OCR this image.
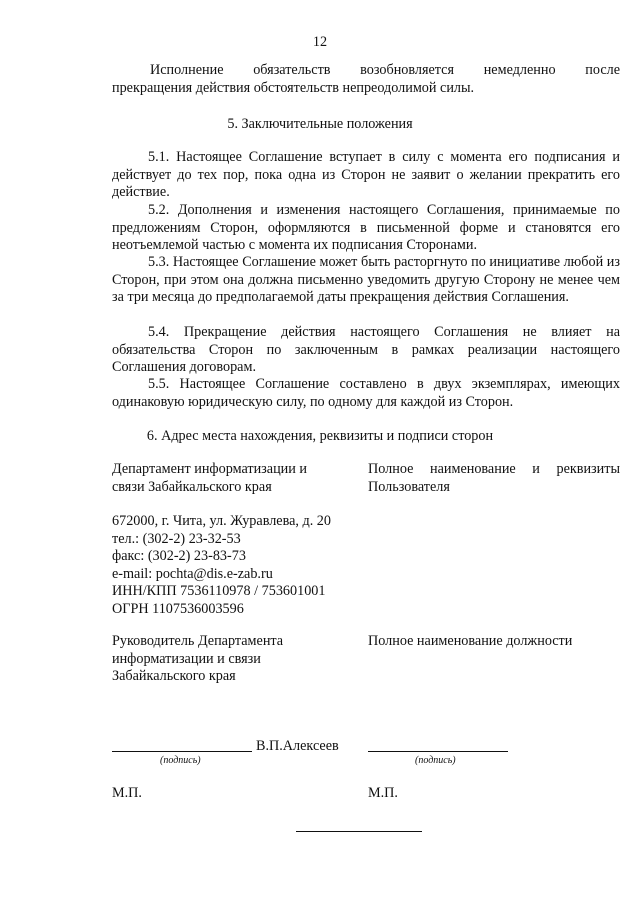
12
Исполнение обязательств возобновляется немедленно после
прекращения действия обстоятельств непреодолимой силы.
5. Заключительные положения
5.1. Настоящее Соглашение вступает в силу с момента его подписания и действует до тех пор, пока одна из Сторон не заявит о желании прекратить его действие.
5.2. Дополнения и изменения настоящего Соглашения, принимаемые по предложениям Сторон, оформляются в письменной форме и становятся его неотъемлемой частью с момента их подписания Сторонами.
5.3. Настоящее Соглашение может быть расторгнуто по инициативе любой из Сторон, при этом она должна письменно уведомить другую Сторону не менее чем за три месяца до предполагаемой даты прекращения действия Соглашения.
5.4. Прекращение действия настоящего Соглашения не влияет на обязательства Сторон по заключенным в рамках реализации настоящего Соглашения договорам.
5.5. Настоящее Соглашение составлено в двух экземплярах, имеющих одинаковую юридическую силу, по одному для каждой из Сторон.
6. Адрес места нахождения, реквизиты и подписи сторон
Департамент информатизации и
связи Забайкальского края
672000, г. Чита, ул. Журавлева, д. 20
тел.: (302-2) 23-32-53
факс: (302-2) 23-83-73
e-mail: pochta@dis.e-zab.ru
ИНН/КПП 7536110978 / 753601001
ОГРН 1107536003596
Руководитель Департамента
информатизации и связи
Забайкальского края
Полное наименование и реквизиты
Пользователя
Полное наименование должности
В.П.Алексеев
(подпись)	(подпись)
М.П.	М.П.
